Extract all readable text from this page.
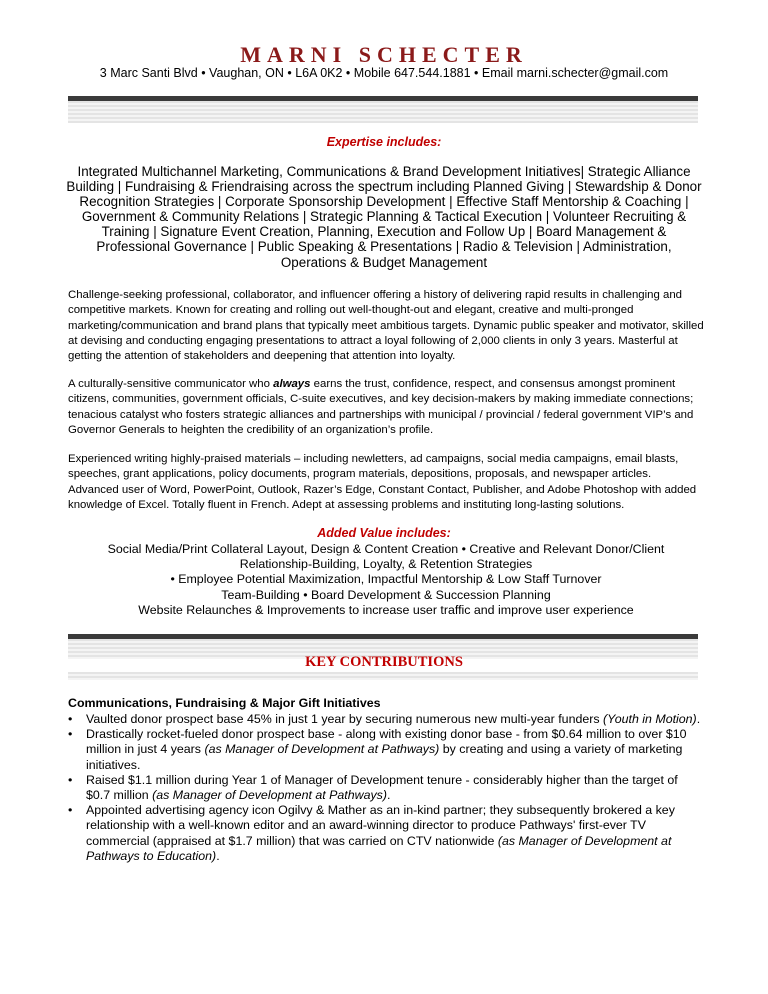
MARNI SCHECTER
3 Marc Santi Blvd • Vaughan, ON • L6A 0K2 • Mobile 647.544.1881 • Email marni.schecter@gmail.com
Expertise includes:
Integrated Multichannel Marketing, Communications & Brand Development Initiatives| Strategic Alliance Building | Fundraising & Friendraising across the spectrum including Planned Giving | Stewardship & Donor Recognition Strategies | Corporate Sponsorship Development | Effective Staff Mentorship & Coaching | Government & Community Relations | Strategic Planning & Tactical Execution | Volunteer Recruiting & Training | Signature Event Creation, Planning, Execution and Follow Up | Board Management & Professional Governance | Public Speaking & Presentations | Radio & Television | Administration, Operations & Budget Management
Challenge-seeking professional, collaborator, and influencer offering a history of delivering rapid results in challenging and competitive markets. Known for creating and rolling out well-thought-out and elegant, creative and multi-pronged marketing/communication and brand plans that typically meet ambitious targets. Dynamic public speaker and motivator, skilled at devising and conducting engaging presentations to attract a loyal following of 2,000 clients in only 3 years. Masterful at getting the attention of stakeholders and deepening that attention into loyalty.
A culturally-sensitive communicator who always earns the trust, confidence, respect, and consensus amongst prominent citizens, communities, government officials, C-suite executives, and key decision-makers by making immediate connections; tenacious catalyst who fosters strategic alliances and partnerships with municipal / provincial / federal government VIP’s and Governor Generals to heighten the credibility of an organization’s profile.
Experienced writing highly-praised materials – including newletters, ad campaigns, social media campaigns, email blasts, speeches, grant applications, policy documents, program materials, depositions, proposals, and newspaper articles. Advanced user of Word, PowerPoint, Outlook, Razer’s Edge, Constant Contact, Publisher, and Adobe Photoshop with added knowledge of Excel. Totally fluent in French. Adept at assessing problems and instituting long-lasting solutions.
Added Value includes:
Social Media/Print Collateral Layout, Design & Content Creation • Creative and Relevant Donor/Client
Relationship-Building, Loyalty, & Retention Strategies
• Employee Potential Maximization, Impactful Mentorship & Low Staff Turnover
Team-Building • Board Development & Succession Planning
Website Relaunches & Improvements to increase user traffic and improve user experience
KEY CONTRIBUTIONS
Communications, Fundraising & Major Gift Initiatives
• Vaulted donor prospect base 45% in just 1 year by securing numerous new multi-year funders (Youth in Motion).
• Drastically rocket-fueled donor prospect base - along with existing donor base - from $0.64 million to over $10 million in just 4 years (as Manager of Development at Pathways) by creating and using a variety of marketing initiatives.
• Raised $1.1 million during Year 1 of Manager of Development tenure - considerably higher than the target of $0.7 million (as Manager of Development at Pathways).
• Appointed advertising agency icon Ogilvy & Mather as an in-kind partner; they subsequently brokered a key relationship with a well-known editor and an award-winning director to produce Pathways' first-ever TV commercial (appraised at $1.7 million) that was carried on CTV nationwide (as Manager of Development at Pathways to Education).
